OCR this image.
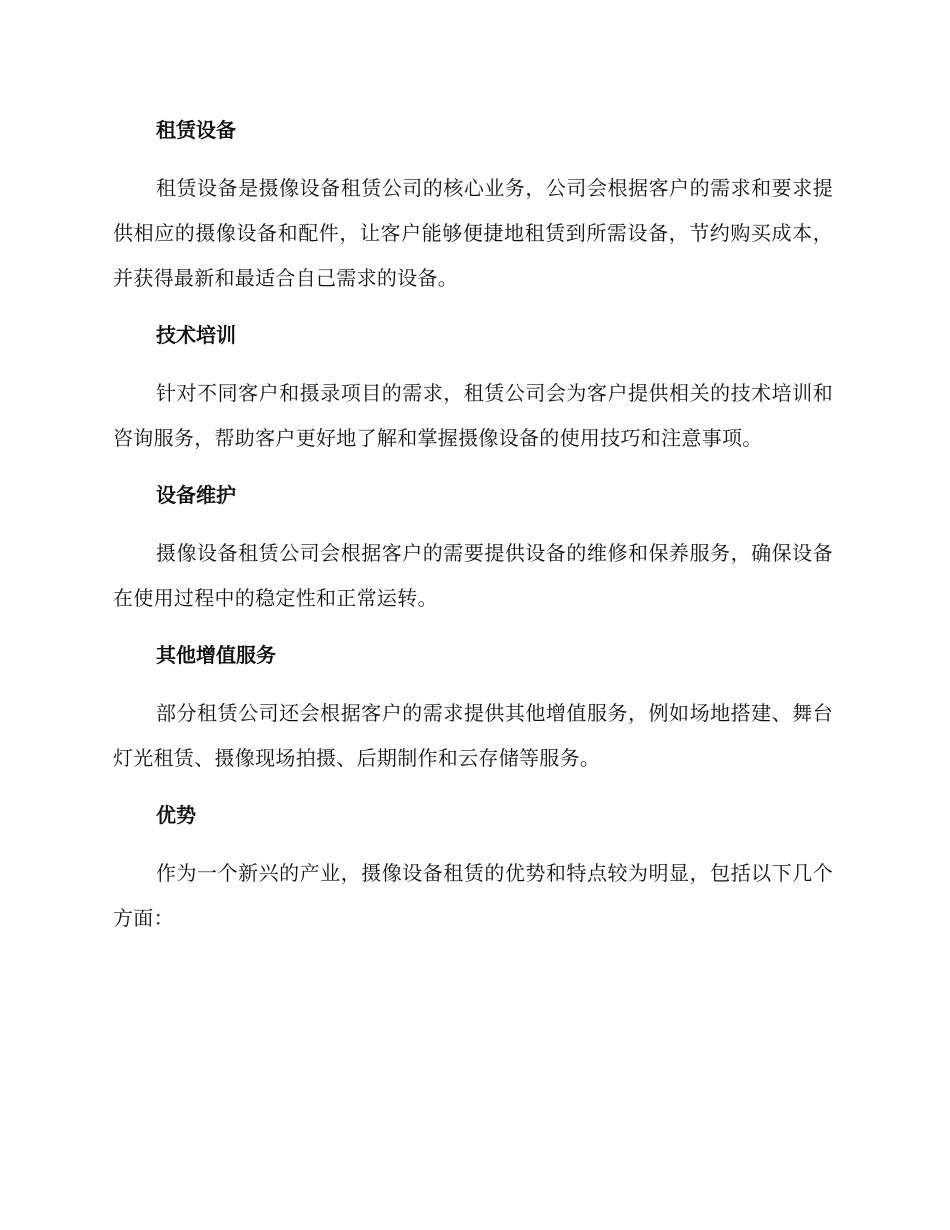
租赁设备

租赁设备是摄像设备租赁公司的核心业务，公司会根据客户的需求和要求提供相应的摄像设备和配件，让客户能够便捷地租赁到所需设备，节约购买成本，并获得最新和最适合自己需求的设备。

技术培训

针对不同客户和摄录项目的需求，租赁公司会为客户提供相关的技术培训和咨询服务，帮助客户更好地了解和掌握摄像设备的使用技巧和注意事项。

设备维护

摄像设备租赁公司会根据客户的需要提供设备的维修和保养服务，确保设备在使用过程中的稳定性和正常运转。

其他增值服务

部分租赁公司还会根据客户的需求提供其他增值服务，例如场地搭建、舞台灯光租赁、摄像现场拍摄、后期制作和云存储等服务。

优势

作为一个新兴的产业，摄像设备租赁的优势和特点较为明显，包括以下几个方面：
